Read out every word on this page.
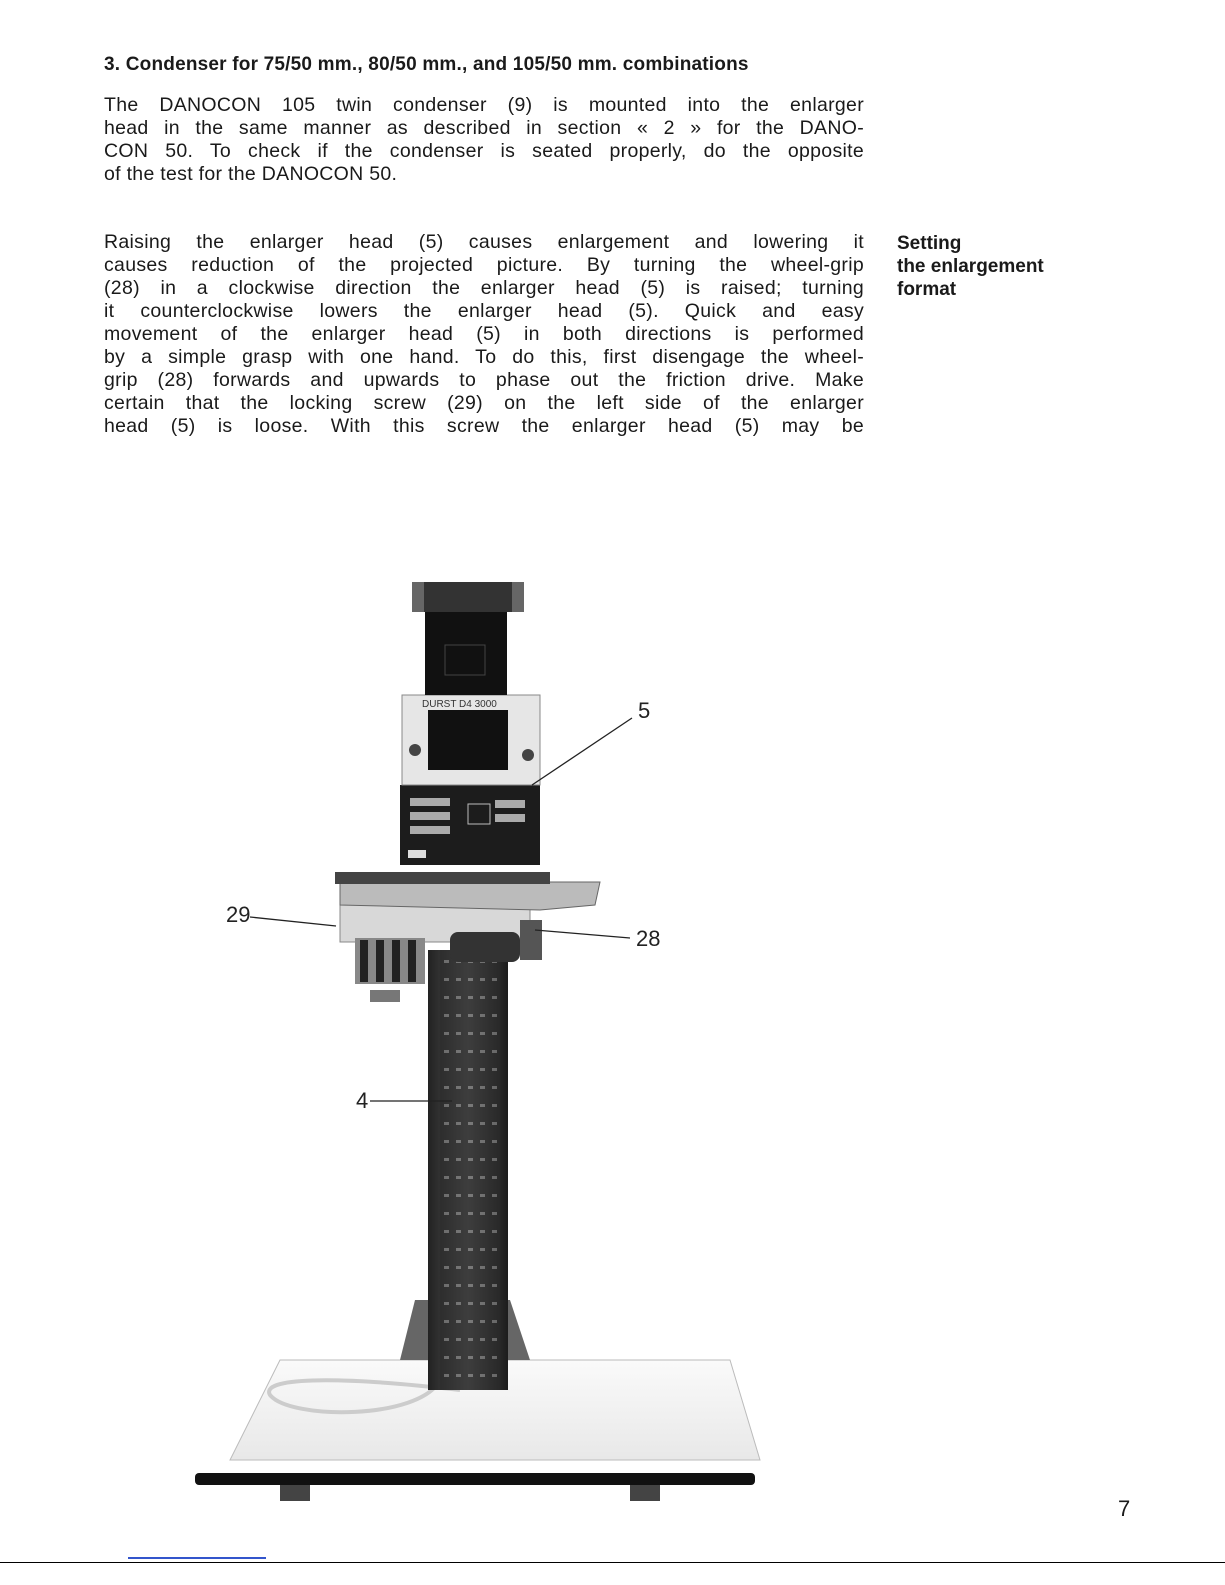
3. Condenser for 75/50 mm., 80/50 mm., and 105/50 mm. combinations
The DANOCON 105 twin condenser (9) is mounted into the enlarger
head in the same manner as described in section « 2 » for the DANO-
CON 50. To check if the condenser is seated properly, do the opposite
of the test for the DANOCON 50.
Raising the enlarger head (5) causes enlargement and lowering it
causes reduction of the projected picture. By turning the wheel-grip
(28) in a clockwise direction the enlarger head (5) is raised; turning
it counterclockwise lowers the enlarger head (5). Quick and easy
movement of the enlarger head (5) in both directions is performed
by a simple grasp with one hand. To do this, first disengage the wheel-
grip (28) forwards and upwards to phase out the friction drive. Make
certain that the locking screw (29) on the left side of the enlarger
head (5) is loose. With this screw the enlarger head (5) may be
Setting
the enlargement
format
DURST D4 3000	5
29
28
4
7
